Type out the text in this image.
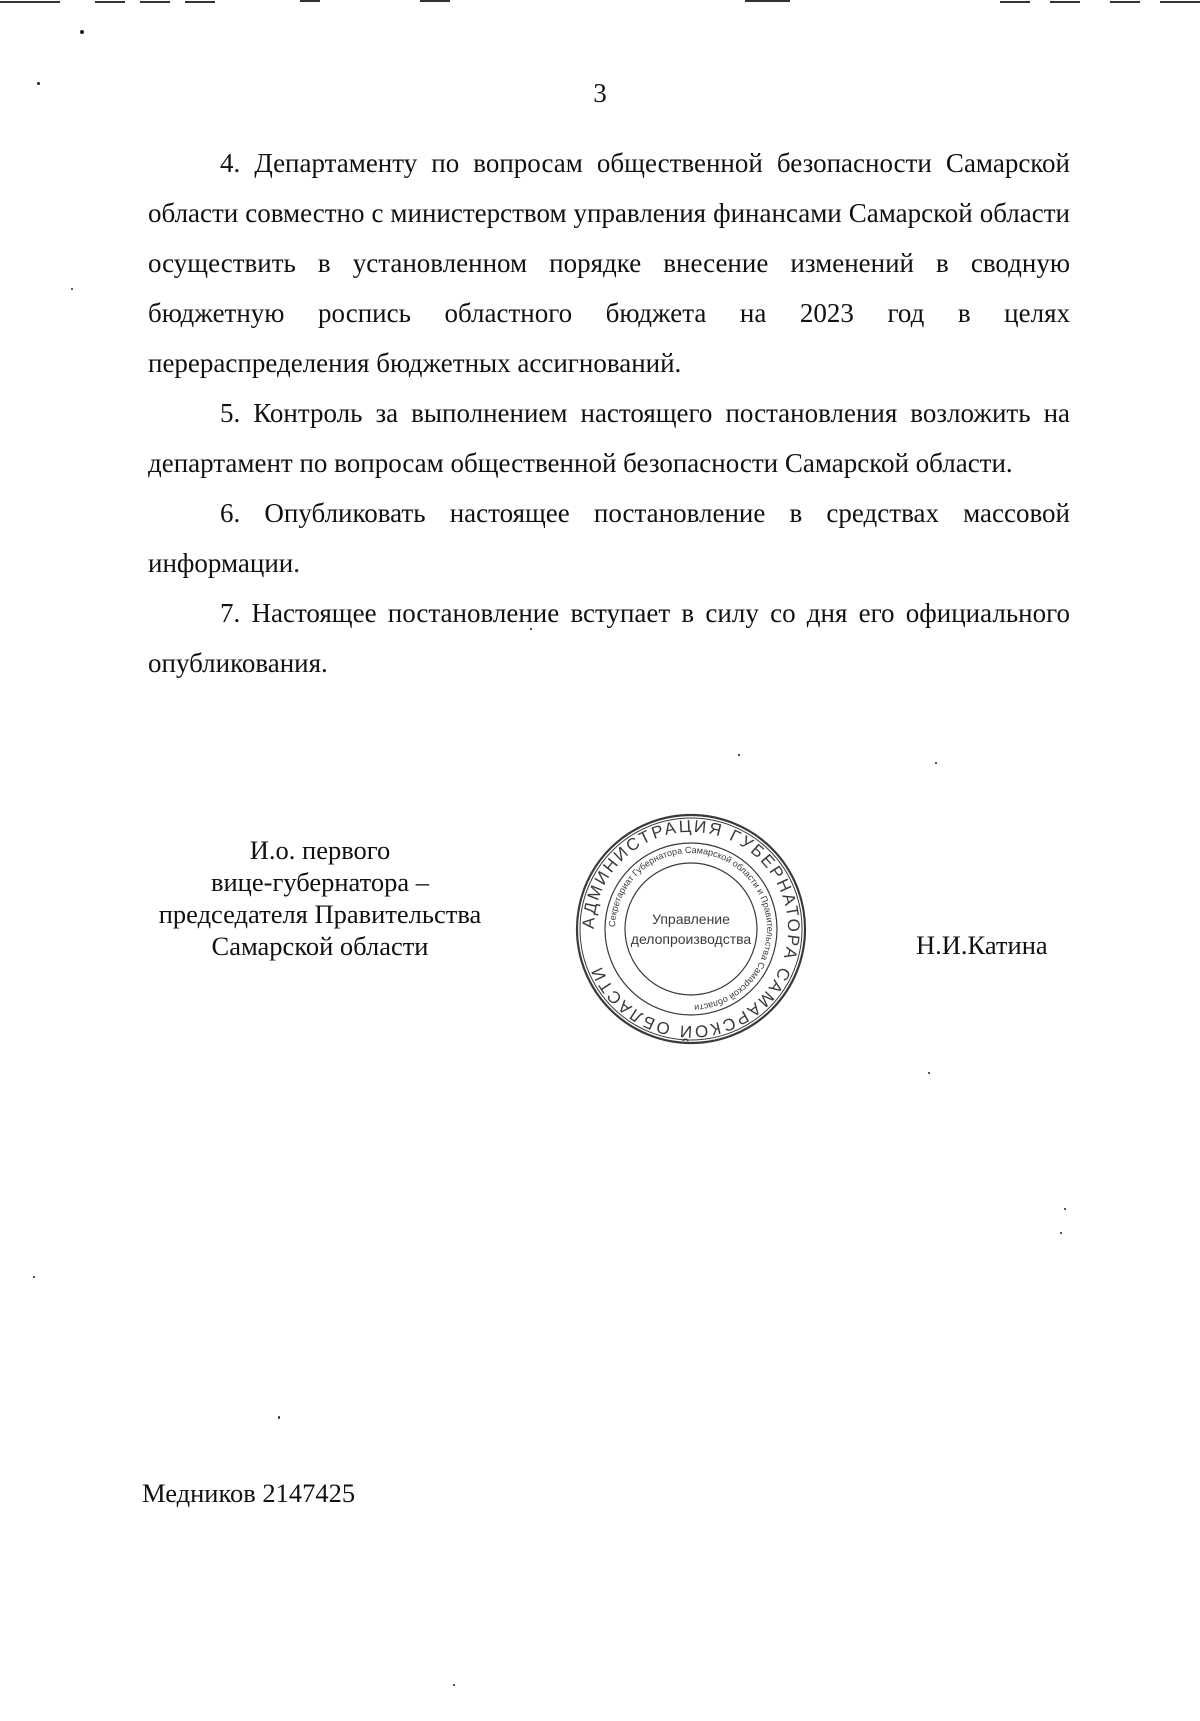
3

4. Департаменту по вопросам общественной безопасности Самарской области совместно с министерством управления финансами Самарской области осуществить в установленном порядке внесение изменений в сводную бюджетную роспись областного бюджета на 2023 год в целях перераспределения бюджетных ассигнований.

5. Контроль за выполнением настоящего постановления возложить на департамент по вопросам общественной безопасности Самарской области.

6. Опубликовать настоящее постановление в средствах массовой информации.

7. Настоящее постановление вступает в силу со дня его официального опубликования.

И.о. первого
вице-губернатора –
председателя Правительства
Самарской области
АДМИНИСТРАЦИЯ ГУБЕРНАТОРА САМАРСКОЙ ОБЛАСТИ
Секретариат Губернатора Самарской области и Правительства Самарской области
Управление
делопроизводства	Н.И.Катина
Медников 2147425
